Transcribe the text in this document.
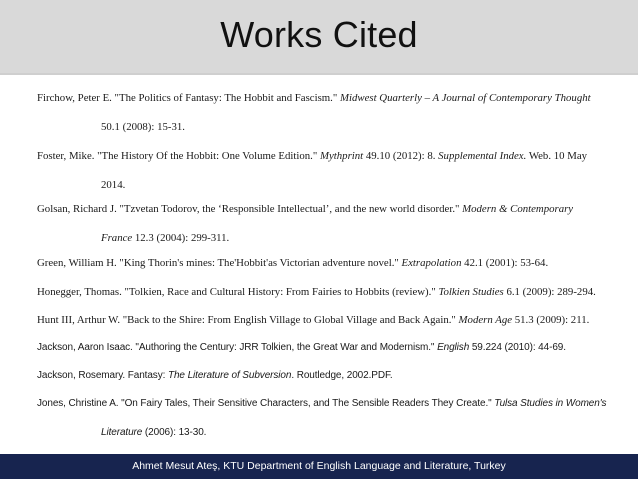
Works Cited
Firchow, Peter E. "The Politics of Fantasy: The Hobbit and Fascism." Midwest Quarterly – A Journal of Contemporary Thought
50.1 (2008): 15-31.
Foster, Mike. "The History Of the Hobbit: One Volume Edition." Mythprint 49.10 (2012): 8. Supplemental Index. Web. 10 May
2014.
Golsan, Richard J. "Tzvetan Todorov, the ‘Responsible Intellectual’, and the new world disorder." Modern & Contemporary
France 12.3 (2004): 299-311.
Green, William H. "King Thorin's mines: The'Hobbit'as Victorian adventure novel." Extrapolation 42.1 (2001): 53-64.
Honegger, Thomas. "Tolkien, Race and Cultural History: From Fairies to Hobbits (review)." Tolkien Studies 6.1 (2009): 289-294.
Hunt III, Arthur W. "Back to the Shire: From English Village to Global Village and Back Again." Modern Age 51.3 (2009): 211.
Jackson, Aaron Isaac. "Authoring the Century: JRR Tolkien, the Great War and Modernism." English 59.224 (2010): 44-69.
Jackson, Rosemary. Fantasy: The Literature of Subversion. Routledge, 2002.PDF.
Jones, Christine A. "On Fairy Tales, Their Sensitive Characters, and The Sensible Readers They Create." Tulsa Studies in Women's
Literature (2006): 13-30.
Ahmet Mesut Ateş, KTU Department of English Language and Literature, Turkey
